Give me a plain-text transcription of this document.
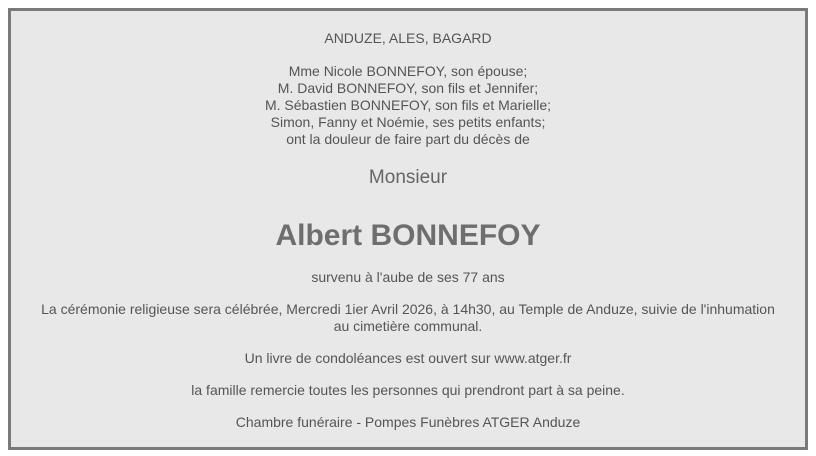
ANDUZE, ALES, BAGARD
Mme Nicole BONNEFOY, son épouse;
M. David BONNEFOY, son fils et Jennifer;
M. Sébastien BONNEFOY, son fils et Marielle;
Simon, Fanny et Noémie, ses petits enfants;
ont la douleur de faire part du décès de
Monsieur
Albert BONNEFOY
survenu à l'aube de ses 77 ans
La cérémonie religieuse sera célébrée, Mercredi 1ier Avril 2026, à 14h30, au Temple de Anduze, suivie de l'inhumation
au cimetière communal.
Un livre de condoléances est ouvert sur www.atger.fr
la famille remercie toutes les personnes qui prendront part à sa peine.
Chambre funéraire - Pompes Funèbres ATGER Anduze
